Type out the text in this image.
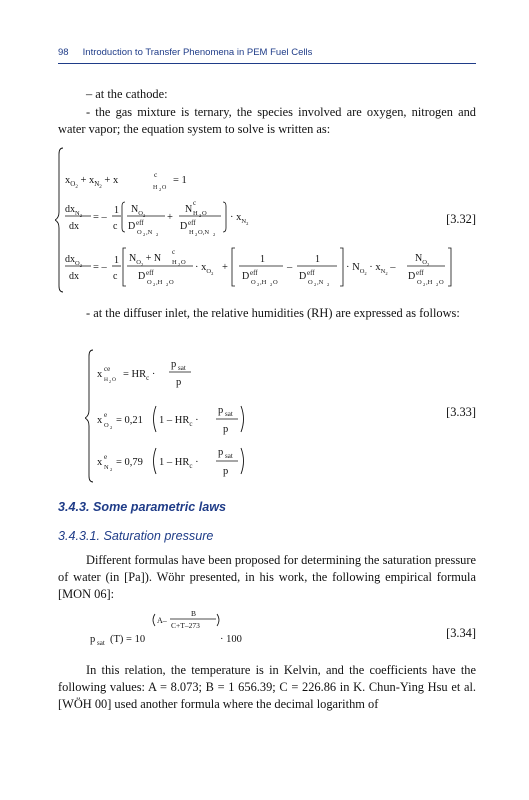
98 Introduction to Transfer Phenomena in PEM Fuel Cells
– at the cathode:
- the gas mixture is ternary, the species involved are oxygen, nitrogen and water vapor; the equation system to solve is written as:
$x_O2 + x_N2 + x$
c
H 2 O
= 1
$dx_{N2}$
dx
= –
1
c
$N_{O2}$
D eff
O 2 ,N 2
+
N
c
H 2 O
D eff
H 2 O,N 2
· $x_N2$
$dx_{O2}$
dx
= –
1
c
$N_{O2} + N$
c
H 2 O
D eff
O 2 ,H 2 O
· $x_O2$
+
1
D eff
O 2 ,H 2 O
–
1
D eff
O 2 ,N 2
· $N_O2 \cdot x_N2$ –
$N_{O2}$
D eff
O 2 ,H 2 O
[3.32]
- at the diffuser inlet, the relative humidities (RH) are expressed as follows:
x ce
H 2 $O = HR_c$ ·
p sat
p
x e
O 2
= 0,21 $1 - HR_c$ ·
p sat
p
x e
N 2
= 0,79 $1 - HR_c$ ·
p sat
p
[3.33]
3.4.3. Some parametric laws
3.4.3.1. Saturation pressure
Different formulas have been proposed for determining the saturation pressure of water (in [Pa]). Wöhr presented, in his work, the following empirical formula [MON 06]:
p sat (T) = 10
A–
B
C+T–273
· 100	[3.34]
In this relation, the temperature is in Kelvin, and the coefficients have the following values: A = 8.073; B = 1 656.39; C = 226.86 in K. Chun-Ying Hsu et al. [WÖH 00] used another formula where the decimal logarithm of
